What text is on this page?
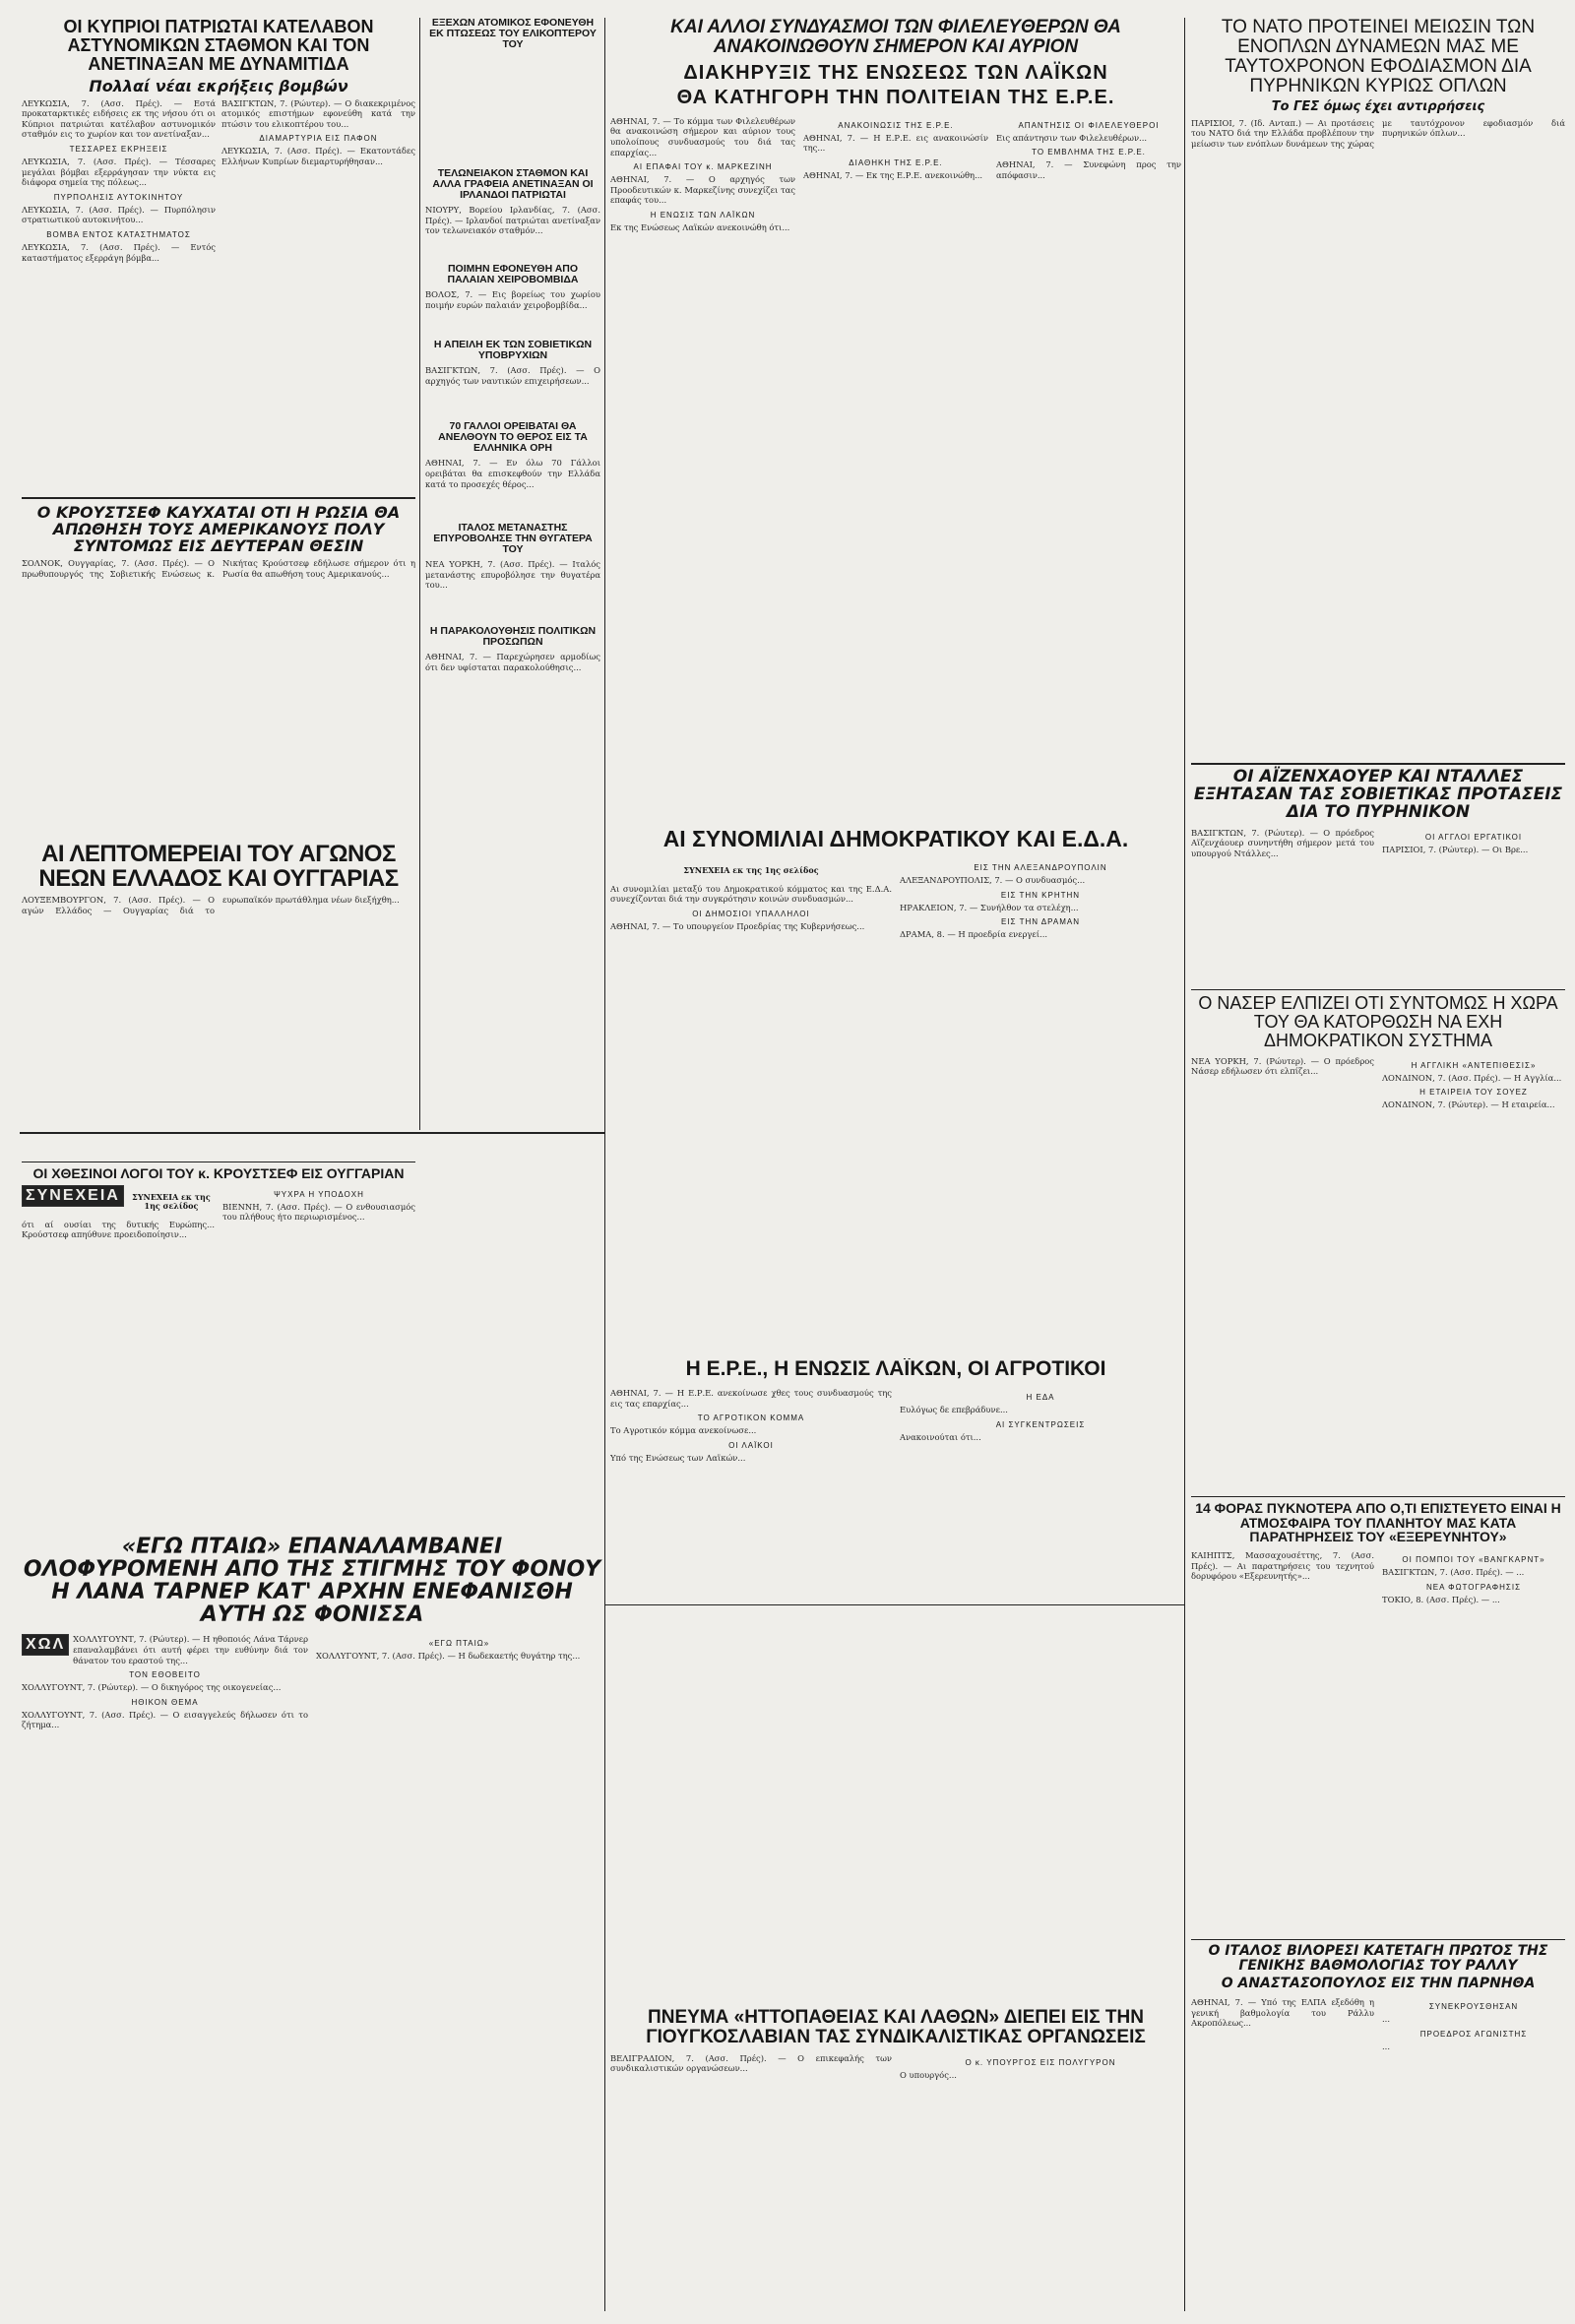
ΟΙ ΚΥΠΡΙΟΙ ΠΑΤΡΙΩΤΑΙ ΚΑΤΕΛΑΒΟΝ ΑΣΤΥΝΟΜΙΚΩΝ ΣΤΑΘΜΟΝ ΚΑΙ ΤΟΝ ΑΝΕΤΙΝΑΞΑΝ ΜΕ ΔΥΝΑΜΙΤΙΔΑ

Πολλαί νέαι εκρήξεις βομβών

ΛΕΥΚΩΣΙΑ, 7. (Ασσ. Πρές). — Εστά προκαταρκτικές ειδήσεις εκ της νήσου ότι οι Κύπριοι πατριώται κατέλαβον αστυνομικόν σταθμόν εις το χωρίον και τον ανετίναξαν...

ΤΕΣΣΑΡΕΣ ΕΚΡΗΞΕΙΣ

ΛΕΥΚΩΣΙΑ, 7. (Ασσ. Πρές). — Τέσσαρες μεγάλαι βόμβαι εξερράγησαν την νύκτα εις διάφορα σημεία της πόλεως...

ΠΥΡΠΟΛΗΣΙΣ ΑΥΤΟΚΙΝΗΤΟΥ

ΛΕΥΚΩΣΙΑ, 7. (Ασσ. Πρές). — Πυρπόλησιν στρατιωτικού αυτοκινήτου...

ΒΟΜΒΑ ΕΝΤΟΣ ΚΑΤΑΣΤΗΜΑΤΟΣ

ΛΕΥΚΩΣΙΑ, 7. (Ασσ. Πρές). — Εντός καταστήματος εξερράγη βόμβα...

ΒΑΣΙΓΚΤΩΝ, 7. (Ρώυτερ). — Ο διακεκριμένος ατομικός επιστήμων εφονεύθη κατά την πτώσιν του ελικοπτέρου του...

ΔΙΑΜΑΡΤΥΡΙΑ ΕΙΣ ΠΑΦΟΝ

ΛΕΥΚΩΣΙΑ, 7. (Ασσ. Πρές). — Εκατοντάδες Ελλήνων Κυπρίων διεμαρτυρήθησαν...

Ο ΚΡΟΥΣΤΣΕΦ ΚΑΥΧΑΤΑΙ ΟΤΙ Η ΡΩΣΙΑ ΘΑ ΑΠΩΘΗΣΗ ΤΟΥΣ ΑΜΕΡΙΚΑΝΟΥΣ ΠΟΛΥ ΣΥΝΤΟΜΩΣ ΕΙΣ ΔΕΥΤΕΡΑΝ ΘΕΣΙΝ

ΣΟΛΝΟΚ, Ουγγαρίας, 7. (Ασσ. Πρές). — Ο πρωθυπουργός της Σοβιετικής Ενώσεως κ. Νικήτας Κρούστσεφ εδήλωσε σήμερον ότι η Ρωσία θα απωθήση τους Αμερικανούς...

ΑΙ ΛΕΠΤΟΜΕΡΕΙΑΙ ΤΟΥ ΑΓΩΝΟΣ ΝΕΩΝ ΕΛΛΑΔΟΣ ΚΑΙ ΟΥΓΓΑΡΙΑΣ

ΛΟΥΞΕΜΒΟΥΡΓΟΝ, 7. (Ασσ. Πρές). — Ο αγών Ελλάδος — Ουγγαρίας διά το ευρωπαϊκόν πρωτάθλημα νέων διεξήχθη...

ΟΙ ΧΘΕΣΙΝΟΙ ΛΟΓΟΙ ΤΟΥ κ. ΚΡΟΥΣΤΣΕΦ ΕΙΣ ΟΥΓΓΑΡΙΑΝ

ΣΥΝΕΧΕΙΑ	ΣΥΝΕΧΕΙΑ εκ της 1ης σελίδος

ότι αί ουσίαι της δυτικής Ευρώπης... Κρούστσεφ απηύθυνε προειδοποίησιν...

ΨΥΧΡΑ Η ΥΠΟΔΟΧΗ

ΒΙΕΝΝΗ, 7. (Ασσ. Πρές). — Ο ενθουσιασμός του πλήθους ήτο περιωρισμένος...

«ΕΓΩ ΠΤΑΙΩ» ΕΠΑΝΑΛΑΜΒΑΝΕΙ ΟΛΟΦΥΡΟΜΕΝΗ ΑΠΟ ΤΗΣ ΣΤΙΓΜΗΣ ΤΟΥ ΦΟΝΟΥ Η ΛΑΝΑ ΤΑΡΝΕΡ ΚΑΤ' ΑΡΧΗΝ ΕΝΕΦΑΝΙΣΘΗ ΑΥΤΗ ΩΣ ΦΟΝΙΣΣΑ

ΧΩΛ ΧΟΛΛΥΓΟΥΝΤ, 7. (Ρώυτερ). — Η ηθοποιός Λάνα Τάρνερ επαναλαμβάνει ότι αυτή φέρει την ευθύνην διά τον θάνατον του εραστού της...

ΤΟΝ ΕΘΟΒΕΙΤΟ

ΧΟΛΛΥΓΟΥΝΤ, 7. (Ρώυτερ). — Ο δικηγόρος της οικογενείας...

ΗΘΙΚΟΝ ΘΕΜΑ

ΧΟΛΛΥΓΟΥΝΤ, 7. (Ασσ. Πρές). — Ο εισαγγελεύς δήλωσεν ότι το ζήτημα...

«ΕΓΩ ΠΤΑΙΩ»

ΧΟΛΛΥΓΟΥΝΤ, 7. (Ασσ. Πρές). — Η δωδεκαετής θυγάτηρ της...

ΕΞΕΧΩΝ ΑΤΟΜΙΚΟΣ ΕΦΟΝΕΥΘΗ ΕΚ ΠΤΩΣΕΩΣ ΤΟΥ ΕΛΙΚΟΠΤΕΡΟΥ ΤΟΥ

ΤΕΛΩΝΕΙΑΚΟΝ ΣΤΑΘΜΟΝ ΚΑΙ ΑΛΛΑ ΓΡΑΦΕΙΑ ΑΝΕΤΙΝΑΞΑΝ ΟΙ ΙΡΛΑΝΔΟΙ ΠΑΤΡΙΩΤΑΙ

ΝΙΟΥΡΥ, Βορείου Ιρλανδίας, 7. (Ασσ. Πρές). — Ιρλανδοί πατριώται ανετίναξαν τον τελωνειακόν σταθμόν...

ΠΟΙΜΗΝ ΕΦΟΝΕΥΘΗ ΑΠΟ ΠΑΛΑΙΑΝ ΧΕΙΡΟΒΟΜΒΙΔΑ

ΒΟΛΟΣ, 7. — Εις βορείως του χωρίου ποιμήν ευρών παλαιάν χειροβομβίδα...

Η ΑΠΕΙΛΗ ΕΚ ΤΩΝ ΣΟΒΙΕΤΙΚΩΝ ΥΠΟΒΡΥΧΙΩΝ

ΒΑΣΙΓΚΤΩΝ, 7. (Ασσ. Πρές). — Ο αρχηγός των ναυτικών επιχειρήσεων...

70 ΓΑΛΛΟΙ ΟΡΕΙΒΑΤΑΙ ΘΑ ΑΝΕΛΘΟΥΝ ΤΟ ΘΕΡΟΣ ΕΙΣ ΤΑ ΕΛΛΗΝΙΚΑ ΟΡΗ

ΑΘΗΝΑΙ, 7. — Εν όλω 70 Γάλλοι ορειβάται θα επισκεφθούν την Ελλάδα κατά το προσεχές θέρος...

ΙΤΑΛΟΣ ΜΕΤΑΝΑΣΤΗΣ ΕΠΥΡΟΒΟΛΗΣΕ ΤΗΝ ΘΥΓΑΤΕΡΑ ΤΟΥ

ΝΕΑ ΥΟΡΚΗ, 7. (Ασσ. Πρές). — Ιταλός μετανάστης επυροβόλησε την θυγατέρα του...

Η ΠΑΡΑΚΟΛΟΥΘΗΣΙΣ ΠΟΛΙΤΙΚΩΝ ΠΡΟΣΩΠΩΝ

ΑΘΗΝΑΙ, 7. — Παρεχώρησεν αρμοδίως ότι δεν υφίσταται παρακολούθησις...

ΚΑΙ ΑΛΛΟΙ ΣΥΝΔΥΑΣΜΟΙ ΤΩΝ ΦΙΛΕΛΕΥΘΕΡΩΝ ΘΑ ΑΝΑΚΟΙΝΩΘΟΥΝ ΣΗΜΕΡΟΝ ΚΑΙ ΑΥΡΙΟΝ

ΔΙΑΚΗΡΥΞΙΣ ΤΗΣ ΕΝΩΣΕΩΣ ΤΩΝ ΛΑΪΚΩΝ

ΘΑ ΚΑΤΗΓΟΡΗ ΤΗΝ ΠΟΛΙΤΕΙΑΝ ΤΗΣ Ε.Ρ.Ε.

ΑΘΗΝΑΙ, 7. — Το κόμμα των Φιλελευθέρων θα ανακοινώση σήμερον και αύριον τους υπολοίπους συνδυασμούς του διά τας επαρχίας...

ΑΙ ΕΠΑΦΑΙ ΤΟΥ κ. ΜΑΡΚΕΖΙΝΗ

ΑΘΗΝΑΙ, 7. — Ο αρχηγός των Προοδευτικών κ. Μαρκεζίνης συνεχίζει τας επαφάς του...

Η ΕΝΩΣΙΣ ΤΩΝ ΛΑΪΚΩΝ

Εκ της Ενώσεως Λαϊκών ανεκοινώθη ότι...

ΑΝΑΚΟΙΝΩΣΙΣ ΤΗΣ Ε.Ρ.Ε.

ΑΘΗΝΑΙ, 7. — Η Ε.Ρ.Ε. εις ανακοινώσίν της...

ΔΙΑΘΗΚΗ ΤΗΣ Ε.Ρ.Ε.

ΑΘΗΝΑΙ, 7. — Εκ της Ε.Ρ.Ε. ανεκοινώθη...

ΑΠΑΝΤΗΣΙΣ ΟΙ ΦΙΛΕΛΕΥΘΕΡΟΙ

Εις απάντησιν των Φιλελευθέρων...

ΤΟ ΕΜΒΛΗΜΑ ΤΗΣ Ε.Ρ.Ε.

ΑΘΗΝΑΙ, 7. — Συνεφώνη προς την απόφασιν...

ΑΙ ΣΥΝΟΜΙΛΙΑΙ ΔΗΜΟΚΡΑΤΙΚΟΥ ΚΑΙ Ε.Δ.Α.

ΣΥΝΕΧΕΙΑ εκ της 1ης σελίδος

Αι συνομιλίαι μεταξύ του Δημοκρατικού κόμματος και της Ε.Δ.Α. συνεχίζονται διά την συγκρότησιν κοινών συνδυασμών...

ΟΙ ΔΗΜΟΣΙΟΙ ΥΠΑΛΛΗΛΟΙ

ΑΘΗΝΑΙ, 7. — Το υπουργείον Προεδρίας της Κυβερνήσεως...

ΕΙΣ ΤΗΝ ΑΛΕΞΑΝΔΡΟΥΠΟΛΙΝ

ΑΛΕΞΑΝΔΡΟΥΠΟΛΙΣ, 7. — Ο συνδυασμός...

ΕΙΣ ΤΗΝ ΚΡΗΤΗΝ

ΗΡΑΚΛΕΙΟΝ, 7. — Συνήλθον τα στελέχη...

ΕΙΣ ΤΗΝ ΔΡΑΜΑΝ

ΔΡΑΜΑ, 8. — Η προεδρία ενεργεί...

Η Ε.Ρ.Ε., Η ΕΝΩΣΙΣ ΛΑΪΚΩΝ, ΟΙ ΑΓΡΟΤΙΚΟΙ

ΑΘΗΝΑΙ, 7. — Η Ε.Ρ.Ε. ανεκοίνωσε χθες τους συνδυασμούς της εις τας επαρχίας...

ΤΟ ΑΓΡΟΤΙΚΟΝ ΚΟΜΜΑ

Το Αγροτικόν κόμμα ανεκοίνωσε...

ΟΙ ΛΑΪΚΟΙ

Υπό της Ενώσεως των Λαϊκών...

Η ΕΔΑ

Ευλόγως δε επεβράδυνε...

ΑΙ ΣΥΓΚΕΝΤΡΩΣΕΙΣ

Ανακοινούται ότι...

ΠΝΕΥΜΑ «ΗΤΤΟΠΑΘΕΙΑΣ ΚΑΙ ΛΑΘΩΝ» ΔΙΕΠΕΙ ΕΙΣ ΤΗΝ ΓΙΟΥΓΚΟΣΛΑΒΙΑΝ ΤΑΣ ΣΥΝΔΙΚΑΛΙΣΤΙΚΑΣ ΟΡΓΑΝΩΣΕΙΣ

ΒΕΛΙΓΡΑΔΙΟΝ, 7. (Ασσ. Πρές). — Ο επικεφαλής των συνδικαλιστικών οργανώσεων...

Ο κ. ΥΠΟΥΡΓΟΣ ΕΙΣ ΠΟΛΥΓΥΡΟΝ

Ο υπουργός...

ΤΟ ΝΑΤΟ ΠΡΟΤΕΙΝΕΙ ΜΕΙΩΣΙΝ ΤΩΝ ΕΝΟΠΛΩΝ ΔΥΝΑΜΕΩΝ ΜΑΣ ΜΕ ΤΑΥΤΟΧΡΟΝΟΝ ΕΦΟΔΙΑΣΜΟΝ ΔΙΑ ΠΥΡΗΝΙΚΩΝ ΚΥΡΙΩΣ ΟΠΛΩΝ

Το ΓΕΣ όμως έχει αντιρρήσεις

ΠΑΡΙΣΙΟΙ, 7. (Ιδ. Ανταπ.) — Αι προτάσεις του ΝΑΤΟ διά την Ελλάδα προβλέπουν την μείωσιν των ενόπλων δυνάμεων της χώρας με ταυτόχρονον εφοδιασμόν διά πυρηνικών όπλων...

ΟΙ ΑΪΖΕΝΧΑΟΥΕΡ ΚΑΙ ΝΤΑΛΛΕΣ ΕΞΗΤΑΣΑΝ ΤΑΣ ΣΟΒΙΕΤΙΚΑΣ ΠΡΟΤΑΣΕΙΣ ΔΙΑ ΤΟ ΠΥΡΗΝΙΚΟΝ

ΒΑΣΙΓΚΤΩΝ, 7. (Ρώυτερ). — Ο πρόεδρος Αϊζενχάουερ συνηντήθη σήμερον μετά του υπουργού Ντάλλες...

ΟΙ ΑΓΓΛΟΙ ΕΡΓΑΤΙΚΟΙ

ΠΑΡΙΣΙΟΙ, 7. (Ρώυτερ). — Οι Βρε...

Ο ΝΑΣΕΡ ΕΛΠΙΖΕΙ ΟΤΙ ΣΥΝΤΟΜΩΣ Η ΧΩΡΑ ΤΟΥ ΘΑ ΚΑΤΟΡΘΩΣΗ ΝΑ ΕΧΗ ΔΗΜΟΚΡΑΤΙΚΟΝ ΣΥΣΤΗΜΑ

ΝΕΑ ΥΟΡΚΗ, 7. (Ρώυτερ). — Ο πρόεδρος Νάσερ εδήλωσεν ότι ελπίζει...

Η ΑΓΓΛΙΚΗ «ΑΝΤΕΠΙΘΕΣΙΣ»

ΛΟΝΔΙΝΟΝ, 7. (Ασσ. Πρές). — Η Αγγλία...

Η ΕΤΑΙΡΕΙΑ ΤΟΥ ΣΟΥΕΖ

ΛΟΝΔΙΝΟΝ, 7. (Ρώυτερ). — Η εταιρεία...

14 ΦΟΡΑΣ ΠΥΚΝΟΤΕΡΑ ΑΠΟ Ο,ΤΙ ΕΠΙΣΤΕΥΕΤΟ ΕΙΝΑΙ Η ΑΤΜΟΣΦΑΙΡΑ ΤΟΥ ΠΛΑΝΗΤΟΥ ΜΑΣ ΚΑΤΑ ΠΑΡΑΤΗΡΗΣΕΙΣ ΤΟΥ «ΕΞΕΡΕΥΝΗΤΟΥ»

ΚΑΙΗΠΤΣ, Μασσαχουσέττης, 7. (Ασσ. Πρές). — Αι παρατηρήσεις του τεχνητού δορυφόρου «Εξερευνητής»...

ΟΙ ΠΟΜΠΟΙ ΤΟΥ «ΒΑΝΓΚΑΡΝΤ»

ΒΑΣΙΓΚΤΩΝ, 7. (Ασσ. Πρές). — ...

ΝΕΑ ΦΩΤΟΓΡΑΦΗΣΙΣ

ΤΟΚΙΟ, 8. (Ασσ. Πρές). — ...

Ο ΙΤΑΛΟΣ ΒΙΛΟΡΕΣΙ ΚΑΤΕΤΑΓΗ ΠΡΩΤΟΣ ΤΗΣ ΓΕΝΙΚΗΣ ΒΑΘΜΟΛΟΓΙΑΣ ΤΟΥ ΡΑΛΛΥ

Ο ΑΝΑΣΤΑΣΟΠΟΥΛΟΣ ΕΙΣ ΤΗΝ ΠΑΡΝΗΘΑ

ΑΘΗΝΑΙ, 7. — Υπό της ΕΛΠΑ εξεδόθη η γενική βαθμολογία του Ράλλυ Ακροπόλεως...

ΣΥΝΕΚΡΟΥΣΘΗΣΑΝ

...

ΠΡΟΕΔΡΟΣ ΑΓΩΝΙΣΤΗΣ

...
